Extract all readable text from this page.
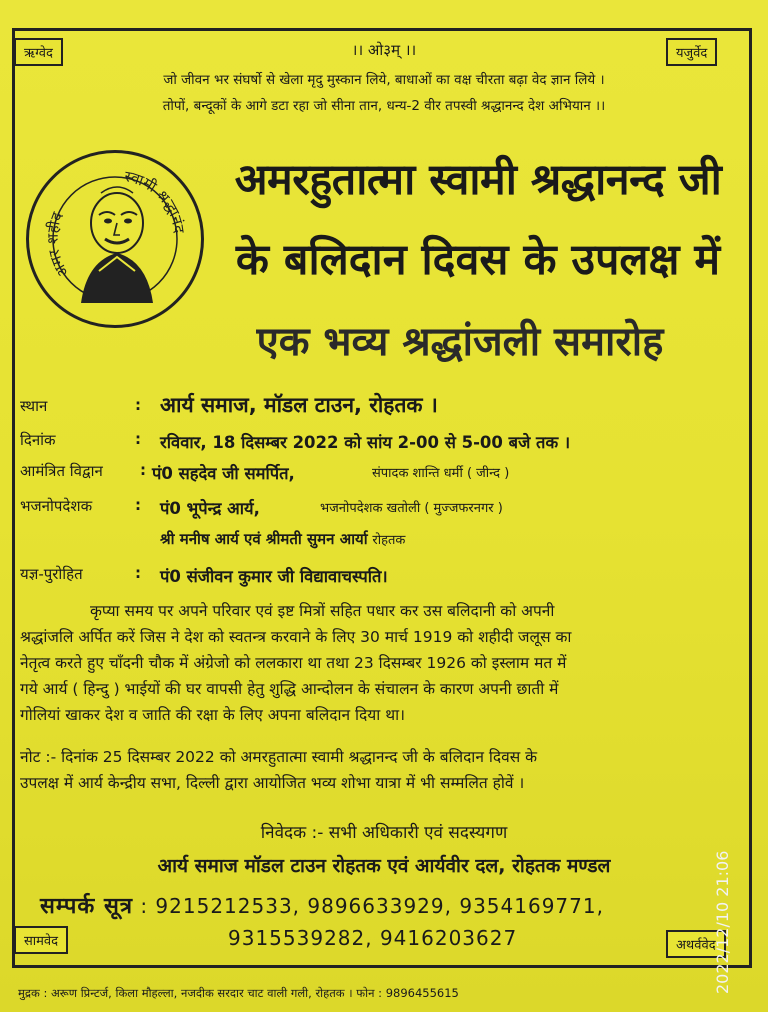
ऋग्वेद	यजुर्वेद
सामवेद	अथर्ववेद
।। ओ३म् ।।
जो जीवन भर संघर्षो से खेला मृदु मुस्कान लिये, बाधाओं का वक्ष चीरता बढ़ा वेद ज्ञान लिये ।
तोपों, बन्दूकों के आगे डटा रहा जो सीना तान, धन्य-2 वीर तपस्वी श्रद्धानन्द देश अभियान ।।
अमर शहीद
स्वामी श्रद्धानंद
अमरहुतात्मा स्वामी श्रद्धानन्द जी
के बलिदान दिवस के उपलक्ष में
एक भव्य श्रद्धांजली समारोह
स्थान	: आर्य समाज, मॉडल टाउन, रोहतक ।
दिनांक	: रविवार, 18 दिसम्बर 2022 को सांय 2-00 से 5-00 बजे तक ।
आमंत्रित विद्वान : पं0 सहदेव जी समर्पित,	संपादक शान्ति धर्मी ( जीन्द )
भजनोपदेशक	: पं0 भूपेन्द्र आर्य,	भजनोपदेशक खतोली ( मुज्जफरनगर )
श्री मनीष आर्य एवं श्रीमती सुमन आर्या रोहतक
यज्ञ-पुरोहित	: पं0 संजीवन कुमार जी विद्यावाचस्पति।
कृप्या समय पर अपने परिवार एवं इष्ट मित्रों सहित पधार कर उस बलिदानी को अपनी
श्रद्धांजलि अर्पित करें जिस ने देश को स्वतन्त्र करवाने के लिए 30 मार्च 1919 को शहीदी जलूस का
नेतृत्व करते हुए चाँदनी चौक में अंग्रेजो को ललकारा था तथा 23 दिसम्बर 1926 को इस्लाम मत में
गये आर्य ( हिन्दु ) भाईयों की घर वापसी हेतु शुद्धि आन्दोलन के संचालन के कारण अपनी छाती में
गोलियां खाकर देश व जाति की रक्षा के लिए अपना बलिदान दिया था।
नोट :- दिनांक 25 दिसम्बर 2022 को अमरहुतात्मा स्वामी श्रद्धानन्द जी के बलिदान दिवस के
उपलक्ष में आर्य केन्द्रीय सभा, दिल्ली द्वारा आयोजित भव्य शोभा यात्रा में भी सम्मलित होवें ।
निवेदक :- सभी अधिकारी एवं सदस्यगण
आर्य समाज मॉडल टाउन रोहतक एवं आर्यवीर दल, रोहतक मण्डल
सम्पर्क सूत्र : 9215212533, 9896633929, 9354169771,
9315539282, 9416203627
मुद्रक : अरूण प्रिन्टर्ज, किला मौहल्ला, नजदीक सरदार चाट वाली गली, रोहतक । फोन : 9896455615	2022/12/10 21:06
